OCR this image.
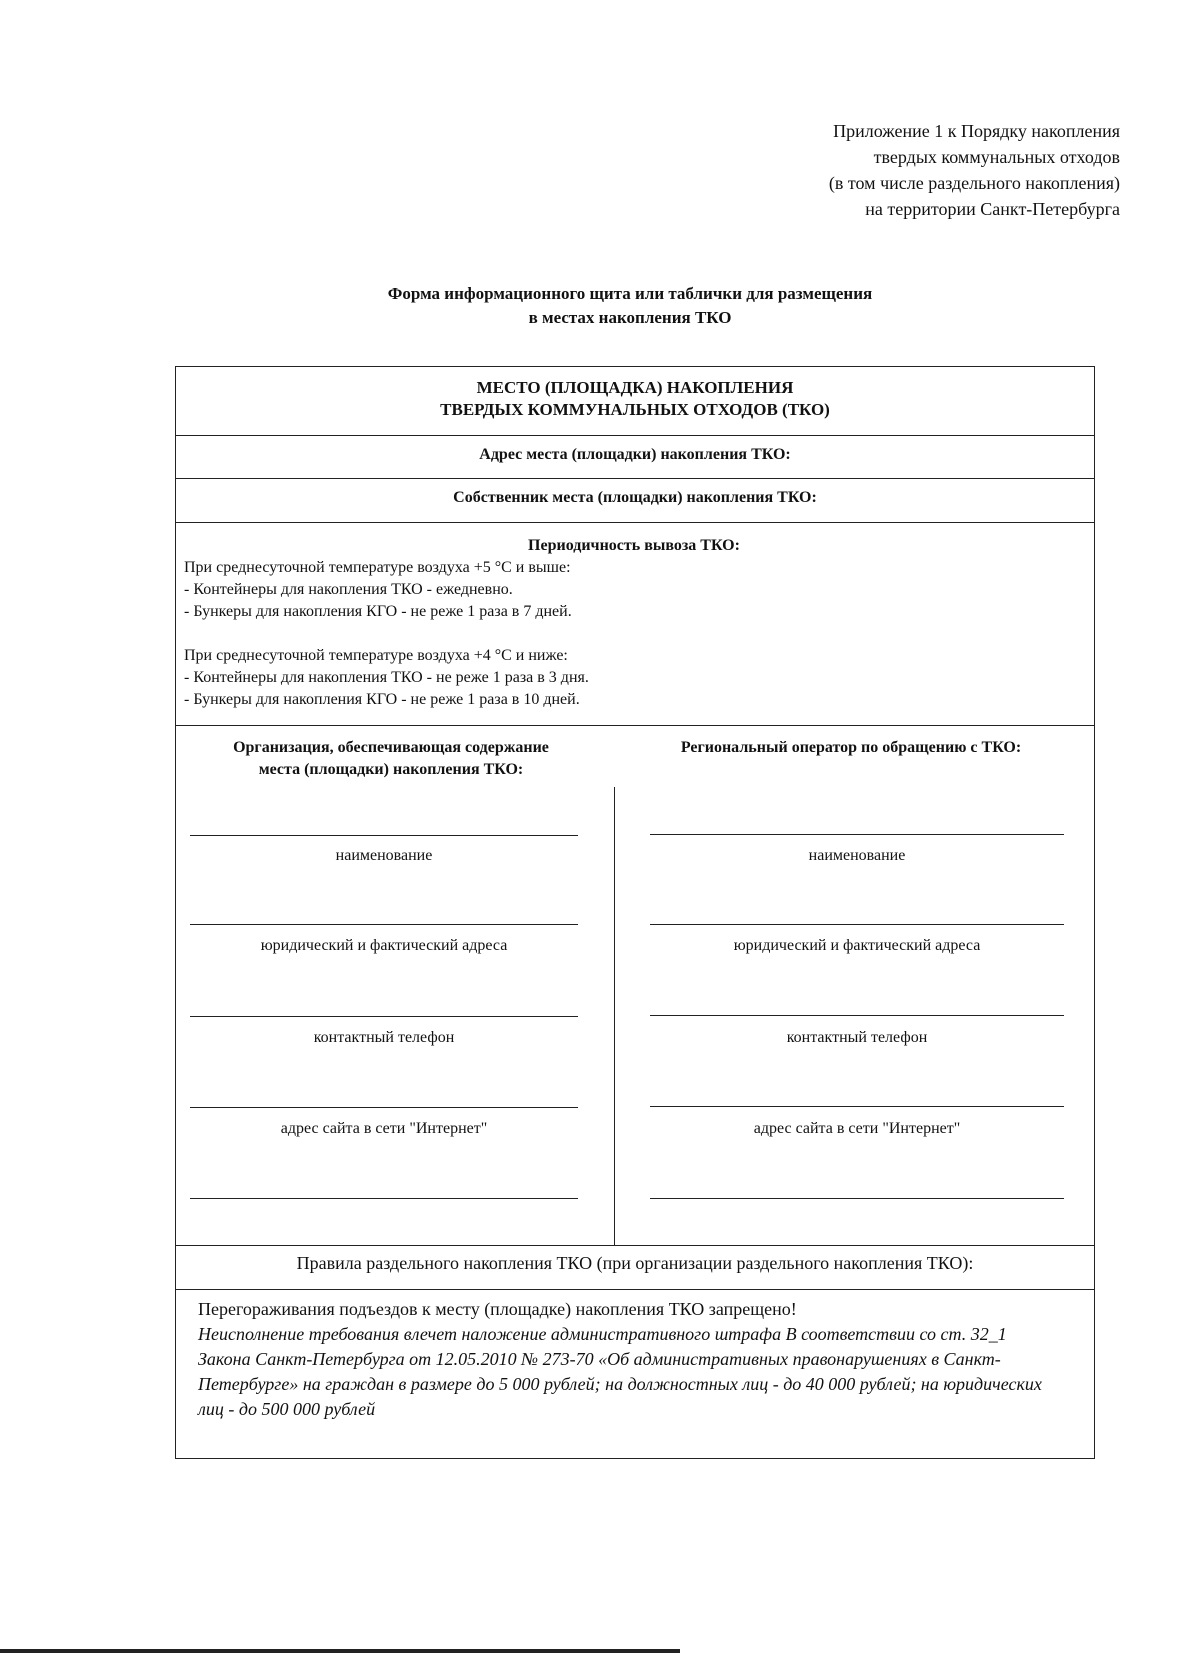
Приложение 1 к Порядку накопления
твердых коммунальных отходов
(в том числе раздельного накопления)
на территории Санкт-Петербурга
Форма информационного щита или таблички для размещения
в местах накопления ТКО
МЕСТО (ПЛОЩАДКА) НАКОПЛЕНИЯ
ТВЕРДЫХ КОММУНАЛЬНЫХ ОТХОДОВ (ТКО)
Адрес места (площадки) накопления ТКО:
Собственник места (площадки) накопления ТКО:

Периодичность вывоза ТКО:

При среднесуточной температуре воздуха +5 °С и выше:

- Контейнеры для накопления ТКО - ежедневно.

- Бункеры для накопления КГО - не реже 1 раза в 7 дней.

При среднесуточной температуре воздуха +4 °С и ниже:

- Контейнеры для накопления ТКО - не реже 1 раза в 3 дня.

- Бункеры для накопления КГО - не реже 1 раза в 10 дней.

Организация, обеспечивающая содержание
места (площадки) накопления ТКО:
Региональный оператор по обращению с ТКО:
наименование
юридический и фактический адреса
контактный телефон
адрес сайта в сети "Интернет"
наименование
юридический и фактический адреса
контактный телефон
адрес сайта в сети "Интернет"
Правила раздельного накопления ТКО (при организации раздельного накопления ТКО):
Перегораживания подъездов к месту (площадке) накопления ТКО запрещено!
Неисполнение требования влечет наложение административного штрафа В соответствии со ст. 32_1 Закона Санкт-Петербурга от 12.05.2010 № 273-70 «Об административных правонарушениях в Санкт-Петербурге» на граждан в размере до 5 000 рублей; на должностных лиц - до 40 000 рублей; на юридических лиц - до 500 000 рублей
